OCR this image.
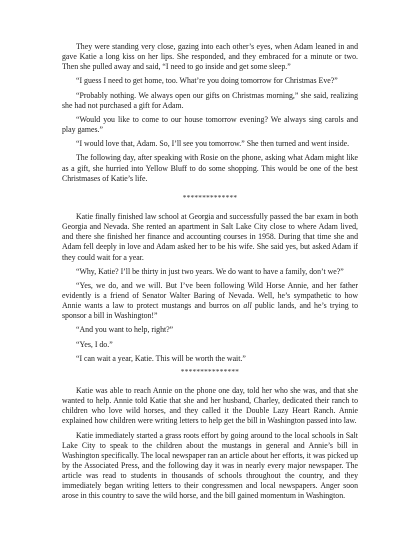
They were standing very close, gazing into each other’s eyes, when Adam leaned in and gave Katie a long kiss on her lips. She responded, and they embraced for a minute or two. Then she pulled away and said, “I need to go inside and get some sleep.”

“I guess I need to get home, too. What’re you doing tomorrow for Christmas Eve?”

“Probably nothing. We always open our gifts on Christmas morning,” she said, realizing she had not purchased a gift for Adam.

“Would you like to come to our house tomorrow evening? We always sing carols and play games.”

“I would love that, Adam. So, I’ll see you tomorrow.” She then turned and went inside.

The following day, after speaking with Rosie on the phone, asking what Adam might like as a gift, she hurried into Yellow Bluff to do some shopping. This would be one of the best Christmases of Katie’s life.

**************

Katie finally finished law school at Georgia and successfully passed the bar exam in both Georgia and Nevada. She rented an apartment in Salt Lake City close to where Adam lived, and there she finished her finance and accounting courses in 1958. During that time she and Adam fell deeply in love and Adam asked her to be his wife. She said yes, but asked Adam if they could wait for a year.

“Why, Katie? I’ll be thirty in just two years. We do want to have a family, don’t we?”

“Yes, we do, and we will. But I’ve been following Wild Horse Annie, and her father evidently is a friend of Senator Walter Baring of Nevada. Well, he’s sympathetic to how Annie wants a law to protect mustangs and burros on all public lands, and he’s trying to sponsor a bill in Washington!”

“And you want to help, right?”

“Yes, I do.”

“I can wait a year, Katie. This will be worth the wait.”

***************

Katie was able to reach Annie on the phone one day, told her who she was, and that she wanted to help. Annie told Katie that she and her husband, Charley, dedicated their ranch to children who love wild horses, and they called it the Double Lazy Heart Ranch. Annie explained how children were writing letters to help get the bill in Washington passed into law.

Katie immediately started a grass roots effort by going around to the local schools in Salt Lake City to speak to the children about the mustangs in general and Annie’s bill in Washington specifically. The local newspaper ran an article about her efforts, it was picked up by the Associated Press, and the following day it was in nearly every major newspaper. The article was read to students in thousands of schools throughout the country, and they immediately began writing letters to their congressmen and local newspapers. Anger soon arose in this country to save the wild horse, and the bill gained momentum in Washington.
